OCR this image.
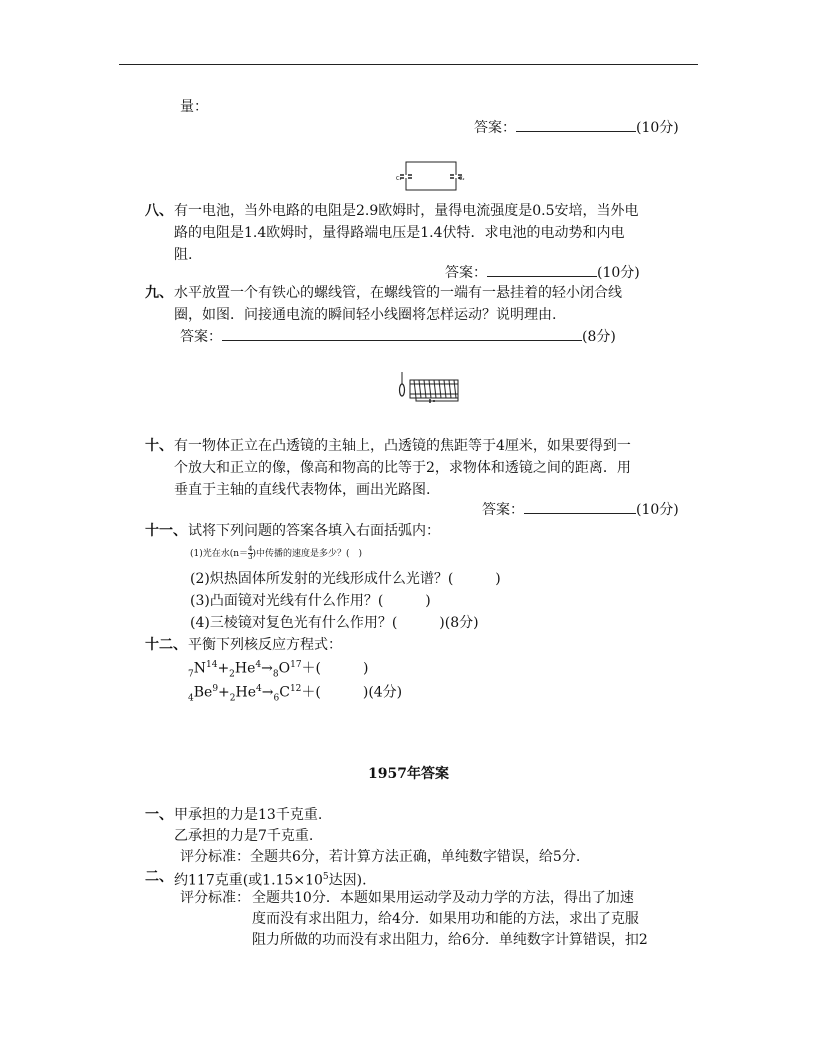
量：
答案：	(10分)
C₁	C₂
八、 有一电池，当外电路的电阻是2.9欧姆时，量得电流强度是0.5安培，当外电
路的电阻是1.4欧姆时，量得路端电压是1.4伏特．求电池的电动势和内电
阻.
答案：	(10分)
九、 水平放置一个有铁心的螺线管，在螺线管的一端有一悬挂着的轻小闭合线
圈，如图．问接通电流的瞬间轻小线圈将怎样运动？说明理由.
答案：	(8分)
十、 有一物体正立在凸透镜的主轴上，凸透镜的焦距等于4厘米，如果要得到一
个放大和正立的像，像高和物高的比等于2，求物体和透镜之间的距离．用
垂直于主轴的直线代表物体，画出光路图.
答案：	(10分)
十一、 试将下列问题的答案各填入右面括弧内：
(1)光在水($n= \frac{4}{3}$ )中传播的速度是多少？(　)
(2)炽热固体所发射的光线形成什么光谱？(　　　)
(3)凸面镜对光线有什么作用？(　　　)
(4)三棱镜对复色光有什么作用？(　　　)(8分)
十二、 平衡下列核反应方程式：
$_7N^{14}+_2He^4\to_8O^{17}+$(　　　)
$_4Be^9+_2He^4\to_6C^{12}+$(　　　)(4分)
1957年答案
一、 甲承担的力是13千克重.
乙承担的力是7千克重.
评分标准：全题共6分，若计算方法正确，单纯数字错误，给5分.
二、 约117克重(或$1.15\times 10^5$达因).
评分标准： 全题共10分．本题如果用运动学及动力学的方法，得出了加速
度而没有求出阻力，给4分．如果用功和能的方法，求出了克服
阻力所做的功而没有求出阻力，给6分．单纯数字计算错误，扣2
